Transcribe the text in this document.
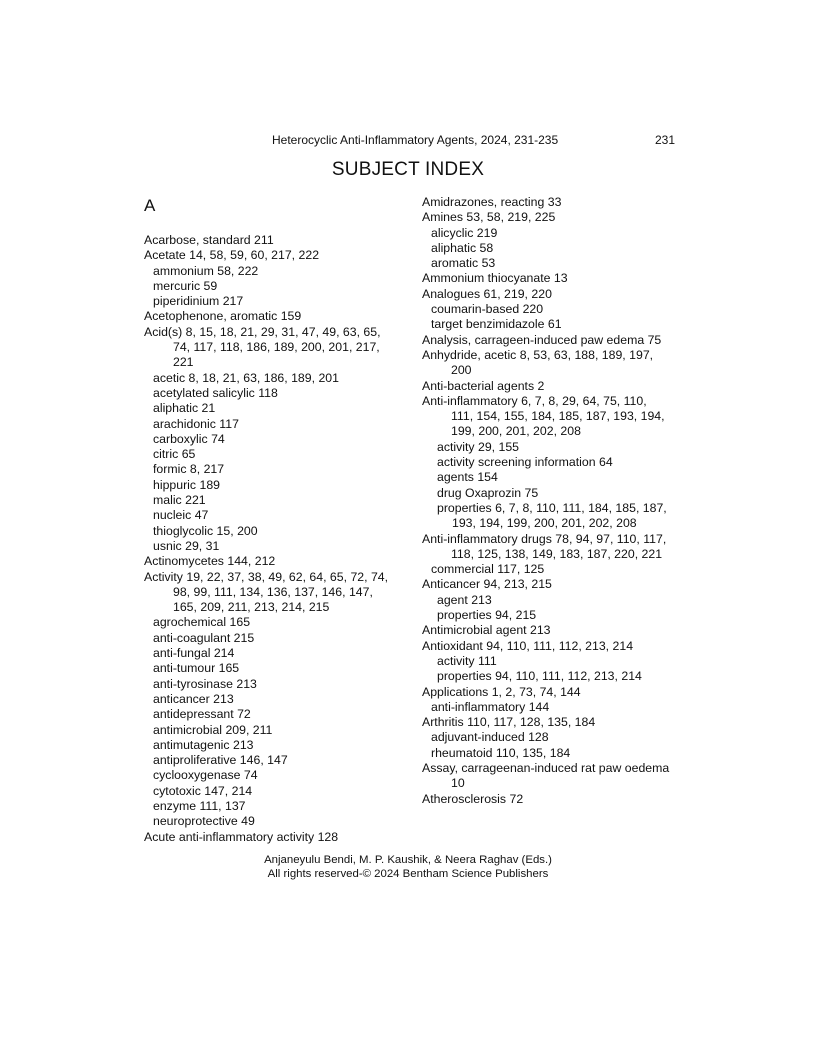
Heterocyclic Anti-Inflammatory Agents, 2024, 231-235	231
SUBJECT INDEX
A
Acarbose, standard 211
Acetate 14, 58, 59, 60, 217, 222
ammonium 58, 222
mercuric 59
piperidinium 217
Acetophenone, aromatic 159
Acid(s) 8, 15, 18, 21, 29, 31, 47, 49, 63, 65,
74, 117, 118, 186, 189, 200, 201, 217,
221
acetic 8, 18, 21, 63, 186, 189, 201
acetylated salicylic 118
aliphatic 21
arachidonic 117
carboxylic 74
citric 65
formic 8, 217
hippuric 189
malic 221
nucleic 47
thioglycolic 15, 200
usnic 29, 31
Actinomycetes 144, 212
Activity 19, 22, 37, 38, 49, 62, 64, 65, 72, 74,
98, 99, 111, 134, 136, 137, 146, 147,
165, 209, 211, 213, 214, 215
agrochemical 165
anti-coagulant 215
anti-fungal 214
anti-tumour 165
anti-tyrosinase 213
anticancer 213
antidepressant 72
antimicrobial 209, 211
antimutagenic 213
antiproliferative 146, 147
cyclooxygenase 74
cytotoxic 147, 214
enzyme 111, 137
neuroprotective 49
Acute anti-inflammatory activity 128
Amidrazones, reacting 33
Amines 53, 58, 219, 225
alicyclic 219
aliphatic 58
aromatic 53
Ammonium thiocyanate 13
Analogues 61, 219, 220
coumarin-based 220
target benzimidazole 61
Analysis, carrageen-induced paw edema 75
Anhydride, acetic 8, 53, 63, 188, 189, 197,
200
Anti-bacterial agents 2
Anti-inflammatory 6, 7, 8, 29, 64, 75, 110,
111, 154, 155, 184, 185, 187, 193, 194,
199, 200, 201, 202, 208
activity 29, 155
activity screening information 64
agents 154
drug Oxaprozin 75
properties 6, 7, 8, 110, 111, 184, 185, 187,
193, 194, 199, 200, 201, 202, 208
Anti-inflammatory drugs 78, 94, 97, 110, 117,
118, 125, 138, 149, 183, 187, 220, 221
commercial 117, 125
Anticancer 94, 213, 215
agent 213
properties 94, 215
Antimicrobial agent 213
Antioxidant 94, 110, 111, 112, 213, 214
activity 111
properties 94, 110, 111, 112, 213, 214
Applications 1, 2, 73, 74, 144
anti-inflammatory 144
Arthritis 110, 117, 128, 135, 184
adjuvant-induced 128
rheumatoid 110, 135, 184
Assay, carrageenan-induced rat paw oedema
10
Atherosclerosis 72
Anjaneyulu Bendi, M. P. Kaushik, & Neera Raghav (Eds.)
All rights reserved-© 2024 Bentham Science Publishers
